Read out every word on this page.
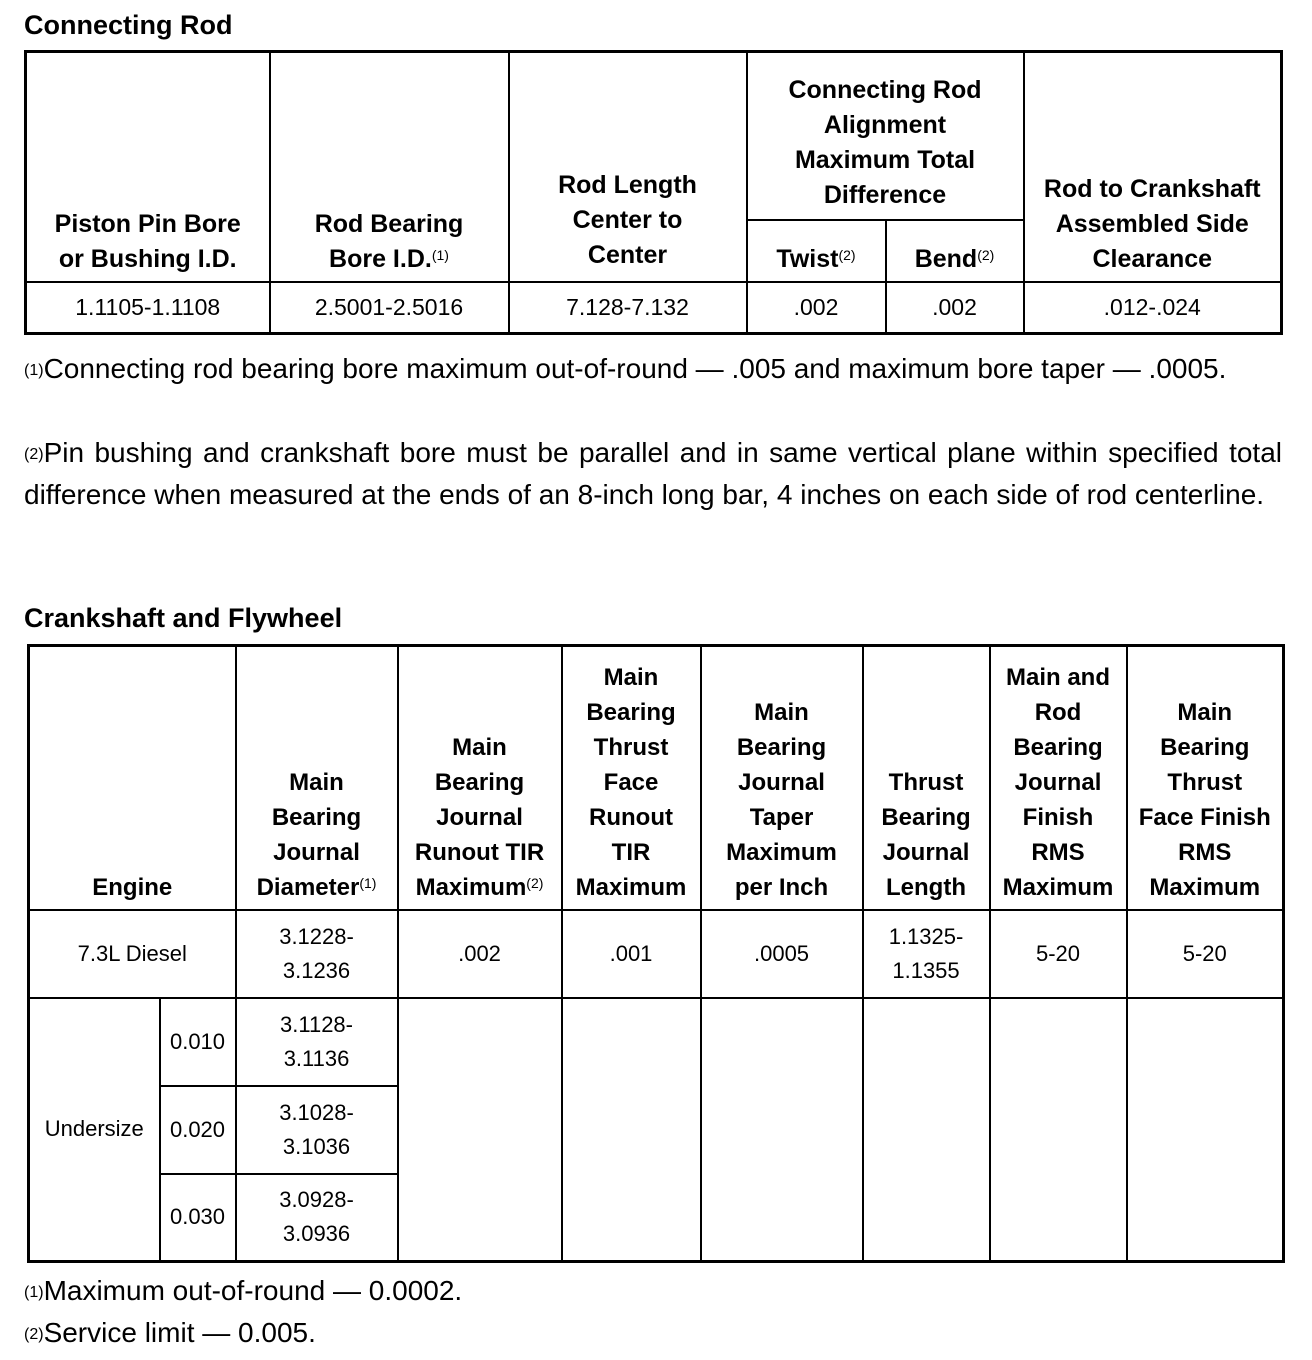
Connecting Rod
Piston Pin Bore or Bushing I.D.	Rod Bearing Bore I.D.$^{(1)}$	Rod Length Center to Center	Connecting Rod Alignment Maximum Total Difference		Rod to Crankshaft Assembled Side Clearance
			Twist$^{(2)}$	Bend$^{(2)}$
1.1105-1.1108	2.5001-2.5016	7.128-7.132	.002	.002	.012-.024
$^{(1)}$Connecting rod bearing bore maximum out-of-round — .005 and maximum bore taper — .0005.
$^{(2)}$Pin bushing and crankshaft bore must be parallel and in same vertical plane within specified total difference when measured at the ends of an 8-inch long bar, 4 inches on each side of rod centerline.
Crankshaft and Flywheel
Engine		Main Bearing Journal Diameter$^{(1)}$	Main Bearing Journal Runout TIR Maximum$^{(2)}$	Main Bearing Thrust Face Runout TIR Maximum	Main Bearing Journal Taper Maximum per Inch	Thrust Bearing Journal Length	Main and Rod Bearing Journal Finish RMS Maximum	Main Bearing Thrust Face Finish RMS Maximum
7.3L Diesel		3.1228- 3.1236	.002	.001	.0005	1.1325- 1.1355	5-20	5-20
Undersize	0.010	3.1128- 3.1136						
	0.020	3.1028- 3.1036						
	0.030	3.0928- 3.0936						
$^{(1)}$Maximum out-of-round — 0.0002.
$^{(2)}$Service limit — 0.005.
